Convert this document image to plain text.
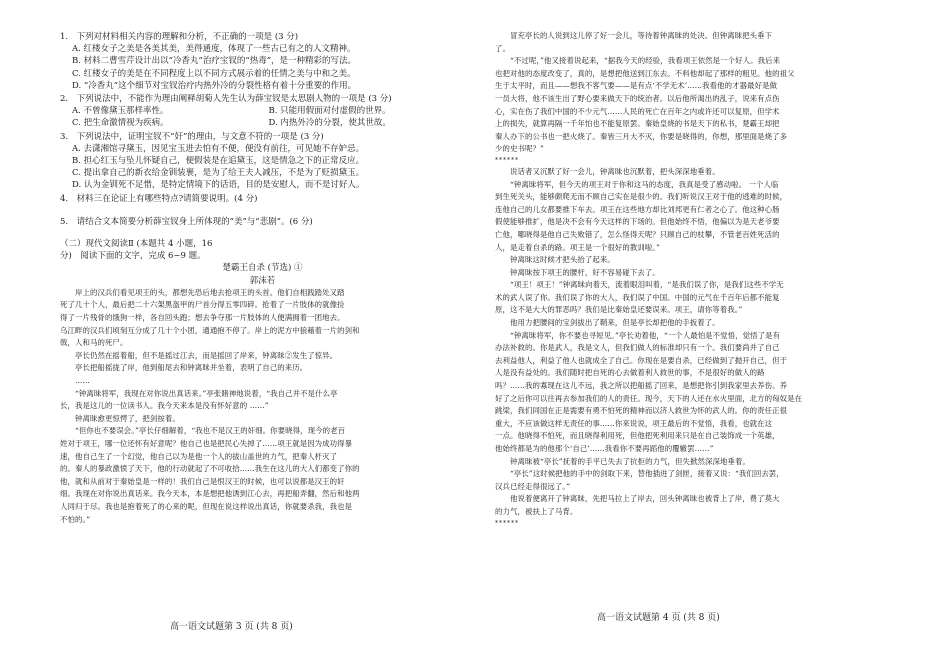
1.　下列对材料相关内容的理解和分析，不正确的一项是 (3 分)
A. 红楼女子之美是各美其美，美得通度，体现了一些古已有之的人文精神。
B. 材料二曹雪芹设计出以“冷香丸”治疗宝钗的“热毒”，是一种精彩的写法。
C. 红楼女子的美是在不同程度上以不同方式展示着的任情之美与中和之美。
D. “冷香丸”这个细节对宝钗治疗内热外冷的分裂性格有着十分重要的作用。
2.　下列说法中，不能作为理由阐释胡菊人先生认为薛宝钗是太思剧人物的一项是 (3 分)
A. 不曾像黛玉那样率性。	B. 只能用假面对付虚假的世界。
C. 把生命激情视为疾病。	D. 内热外冷的分裂，使其世故。
3.　下列说法中，证明宝钗不“奸”的理由，与文意不符的一项是 (3 分)
A. 去潇湘馆寻黛玉，因见宝玉进去怕有不便，便没有前往，可见她不存妒忌。
B. 担心红玉与坠儿怀疑自己，便假装是在追黛玉，这是情急之下的正常反应。
C. 提出拿自己的新衣给金钏装裹，是为了给王夫人减压，不是为了贬损黛玉。
D. 认为金钏死不足惜，是特定情境下的话语，目的是安慰人，而不是讨好人。
4.　材料三在论证上有哪些特点?请简要说明。(4 分)
5.　请结合文本简要分析薛宝钗身上所体现的“美”与“悲剧”。(6 分)
（二）现代文阅读Ⅱ (本题共 4 小题，16
分)　阅读下面的文字，完成 6~9 题。
楚霸王自杀 (节选) ①
郭沫若
　　岸上的汉兵们看见项王的头，都想先恐后地去抢项王的头首。他们自相践踏处又踏
死了几十个人，最后把二十六架黑盔甲的尸首分得五零四碎。抢着了一片肢体的就像捡
得了一片残骨的饿狗一样，各自回头跑；想去争夺那一片肢体的人便满拥着一团地去。
乌江畔的汉兵们顷刻互分成了几十个小团，通通抱不停了。岸上的泥方中狼藉着一片的剑和
戟，人和马的死尸。
　　亭长仍然在摇着船，但不是摇过江去，而是摇回了岸来，钟离昧②发生了惊异。
　　亭长把船摇拢了岸，他到船尾去和钟离昧并坐着，表明了自己的来历。
　　……
　　“钟离昧将军，我现在对你说出真话来。”亭张睹神地说着，“我自己并不是什么亭
长，我是这儿的一位读书人。我今天来本是没有怀好意的 ……”
　　钟离昧愈更惊愕了，把剑按着。
　　“但你也不要误会。”亭长仔细解着，“我也不是汉王的奸细。你要晓得，现今的老百
姓对于项王，哪一位还怀有好意呢？他自己也是把民心失掉了……项王就是因为成功得暴
速，他自己生了一个幻觉，他自己以为是他一个人的拔山盖世的力气，把秦人杆灭了
的。秦人的暴政激愤了天下，他的行动就起了不可收拾……我生在这儿的大人们都变了你的
他，就和从前对于秦始皇是一样的！我们自己是恨汉王的时候，也可以说都是汉王的奸
细。我现在对你说出真话来。我今天本，本是想把他诱到江心去，再把船弄翻，然后和他两
人同归于尽。我也是抱着死了的心来的呢，但现在说这样说出真话，你就要杀我，我也是
不怕的。”
　　冒充亭长的人说到这儿停了好一会儿，等待着钟离昧的处决。但钟离昧把头垂下
了。
　　“不过呢，”他又接着说起来，“据我今天的经验，我看项王依然是一个好人。我后来
也把对他的态度改变了，真的，是想把他送到江东去。不料他却起了那样的粗见。他的祖父
生于太平时，而且——想我不客气要——是有点‘不学无术’……我看他的才器最好是做
一员大将，他不该生出了野心要来做天下的统治者。以后他所渴出的乱子，说来有点伤
心，实在伤了我们中国的不少元气……人民的死亡在百年之内或许还可以复原，但学术
上的损失，就算再隔一千年怕也不能复原罢。秦始皇烧的书是天下的私书，楚霸王却把
秦人办下的公书也一把火烧了。秦皆三月大不灭，你要是晓得的，你想，那里面是烧了多
少的史书呢？”
******
　　说话者又沉默了好一会儿，钟离昧也沉默着，把头深深地垂着。
　　“钟离昧将军，但今天的项王对于你和这马的态度，我真是受了感动啦。 一个人临
到生死关头，能够颇爬无而不顾自己实在是很少的。我们听说汉王对于他的逃难的时候，
连他自己的儿女都要推下车去。项王在这些地方却比刘邦更有仁者之心了。他这种心肠
假使能够推扩，他是决不会有今天这样的下场的。但他始终不悟，他偏以为是天老爷要
亡他，哪晓得是他自己失败错了，怎么怪得天呢？只顾自己的杖攀，不管老百姓死活的
人，是走着自杀的路。项王是一个很好的教训啦。”
　　钟离昧这时候才把头抬了起来。
　　钟离昧按下项王的腰杆，好不容易碰下去了。
　　“项王！项王！”钟离昧向着天，流着眼泪叫着，“是我们误了你，是我们这些不学无
术的武人误了你。我们误了你的大人，我们误了中国。中国的元气在千百年后都不能复
原，这不是大大的罪恶吗？我们是比秦始皇还要误来。项王，请你等着我。”
　　他用力把腰间的宝剑拔出了鞘来，但是亭长却把他的手扳着了。
　　“钟离昧将军，你不要也寻短见。”亭长劝着他，“一个人最怕是不觉悟，觉悟了是有
办法补救的。你是武人，我是文人，但我们做人的标准却只有一个。我们要尚并了自己
去利益他人，利益了他人也就成全了自己。你现在是要自杀，已经做到了抛开自己，但于
人是没有益处的。我们随时把自死的心去做着利人救世的事，不是很好的做人的路
吗？……我的寡现在这儿不远，我之所以把船摇了回来，是想把你引到我家里去养伤。养
好了之后你可以往再去参加我们的人的责任。现今，天下的人还在水火里面，北方的匈奴是在
跳梁，我们同国在正是需要有勇不怕死的精神而以济人救世为怀的武人的。你的责任正很
重大，不应该做这样无责任的事……你来说说，项王最后的不觉悟，我看，也就在这
一点。他晓得不怕死，而且晓得利用死，但他把死利用来只是在自己装饰成一个英雄，
他始终都是为的他那个‘自己’……我看你不要再蹈他的覆辙罢……”
　　钟离昧被“亭长”抚着的手平已失去了抗拒的力气，但失掀然深深地垂着。
　　“亭长”这时候把他的手中的剑取下来，替他插进了剑匣，接着又说：“我们回去罢，
汉兵已经走得很远了。”
　　他说着便离开了钟离昧，先把马拉上了岸去，回头钟离昧也被背上了岸，费了莫大
的力气，被扶上了马背。
******
高一语文试题第 3 页 (共 8 页)
高一语文试题第 4 页 (共 8 页)
